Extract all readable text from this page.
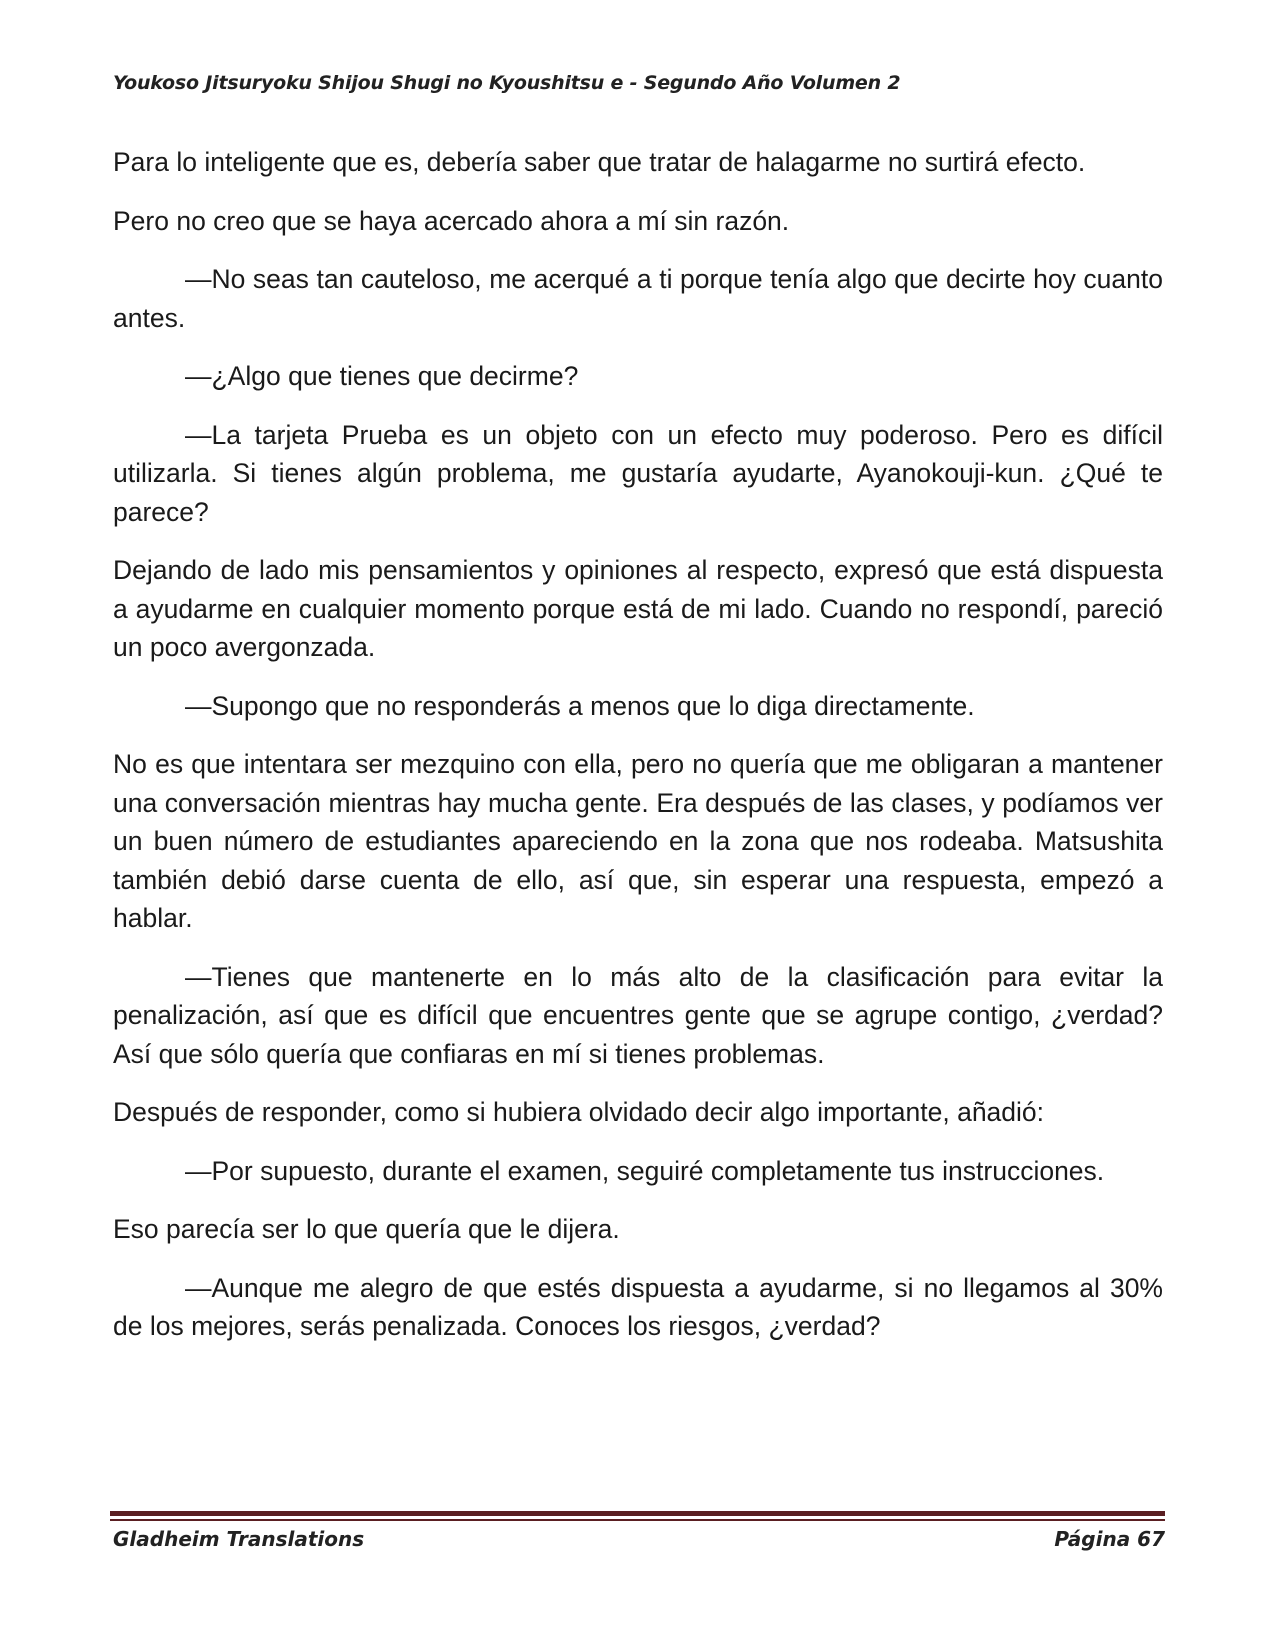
Youkoso Jitsuryoku Shijou Shugi no Kyoushitsu e - Segundo Año Volumen 2

Para lo inteligente que es, debería saber que tratar de halagarme no surtirá efecto.

Pero no creo que se haya acercado ahora a mí sin razón.

—No seas tan cauteloso, me acerqué a ti porque tenía algo que decirte hoy cuanto antes.

—¿Algo que tienes que decirme?

—La tarjeta Prueba es un objeto con un efecto muy poderoso. Pero es difícil utilizarla. Si tienes algún problema, me gustaría ayudarte, Ayanokouji-kun. ¿Qué te parece?

Dejando de lado mis pensamientos y opiniones al respecto, expresó que está dispuesta a ayudarme en cualquier momento porque está de mi lado. Cuando no respondí, pareció un poco avergonzada.

—Supongo que no responderás a menos que lo diga directamente.

No es que intentara ser mezquino con ella, pero no quería que me obligaran a mantener una conversación mientras hay mucha gente. Era después de las clases, y podíamos ver un buen número de estudiantes apareciendo en la zona que nos rodeaba. Matsushita también debió darse cuenta de ello, así que, sin esperar una respuesta, empezó a hablar.

—Tienes que mantenerte en lo más alto de la clasificación para evitar la penalización, así que es difícil que encuentres gente que se agrupe contigo, ¿verdad? Así que sólo quería que confiaras en mí si tienes problemas.

Después de responder, como si hubiera olvidado decir algo importante, añadió:

—Por supuesto, durante el examen, seguiré completamente tus instrucciones.

Eso parecía ser lo que quería que le dijera.

—Aunque me alegro de que estés dispuesta a ayudarme, si no llegamos al 30% de los mejores, serás penalizada. Conoces los riesgos, ¿verdad?

Gladheim Translations	Página 67
